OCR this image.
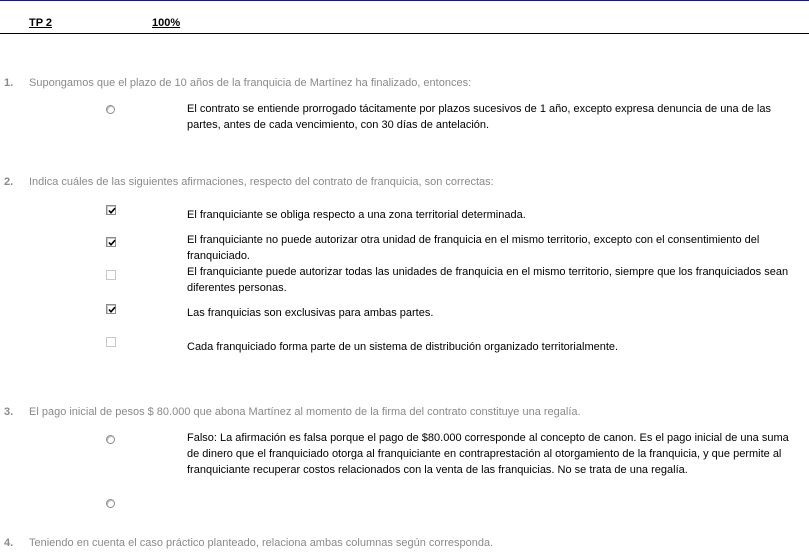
TP 2	100%
1. Supongamos que el plazo de 10 años de la franquicia de Martínez ha finalizado, entonces:
El contrato se entiende prorrogado tácitamente por plazos sucesivos de 1 año, excepto expresa denuncia de una de las partes, antes de cada vencimiento, con 30 días de antelación.
2. Indica cuáles de las siguientes afirmaciones, respecto del contrato de franquicia, son correctas:
El franquiciante se obliga respecto a una zona territorial determinada.
El franquiciante no puede autorizar otra unidad de franquicia en el mismo territorio, excepto con el consentimiento del franquiciado.
El franquiciante puede autorizar todas las unidades de franquicia en el mismo territorio, siempre que los franquiciados sean diferentes personas.
Las franquicias son exclusivas para ambas partes.
Cada franquiciado forma parte de un sistema de distribución organizado territorialmente.
3. El pago inicial de pesos $ 80.000 que abona Martínez al momento de la firma del contrato constituye una regalía.
Falso: La afirmación es falsa porque el pago de $80.000 corresponde al concepto de canon. Es el pago inicial de una suma de dinero que el franquiciado otorga al franquiciante en contraprestación al otorgamiento de la franquicia, y que permite al franquiciante recuperar costos relacionados con la venta de las franquicias. No se trata de una regalía.
4. Teniendo en cuenta el caso práctico planteado, relaciona ambas columnas según corresponda.
